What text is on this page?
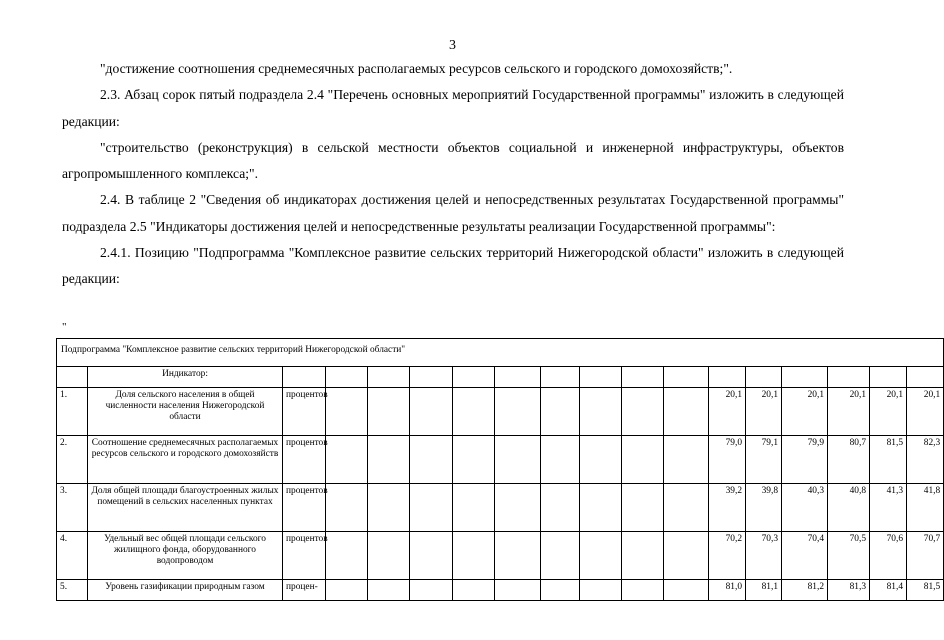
3

"достижение соотношения среднемесячных располагаемых ресурсов сельского и городского домохозяйств;".

2.3. Абзац сорок пятый подраздела 2.4 "Перечень основных мероприятий Государственной программы" изложить в следующей редакции:

"строительство (реконструкция) в сельской местности объектов социальной и инженерной инфраструктуры, объектов агропромышленного комплекса;".

2.4. В таблице 2 "Сведения об индикаторах достижения целей и непосредственных результатах Государственной программы" подраздела 2.5 "Индикаторы достижения целей и непосредственные результаты реализации Государственной программы":

2.4.1. Позицию "Подпрограмма "Комплексное развитие сельских территорий Нижегородской области" изложить в следующей редакции:

"
Подпрограмма "Комплексное развитие сельских территорий Нижегородской области"																	
	Индикатор:																
1.	Доля сельского населения в общей численности населения Нижегородской области	процентов										20,1	20,1	20,1	20,1	20,1	20,1
2.	Соотношение среднемесячных располагаемых ресурсов сельского и городского домохозяйств	процентов										79,0	79,1	79,9	80,7	81,5	82,3
3.	Доля общей площади благоустроенных жилых помещений в сельских населенных пунктах	процентов										39,2	39,8	40,3	40,8	41,3	41,8
4.	Удельный вес общей площади сельского жилищного фонда, оборудованного водопроводом	процентов										70,2	70,3	70,4	70,5	70,6	70,7
5.	Уровень газификации природным газом	процен-										81,0	81,1	81,2	81,3	81,4	81,5
